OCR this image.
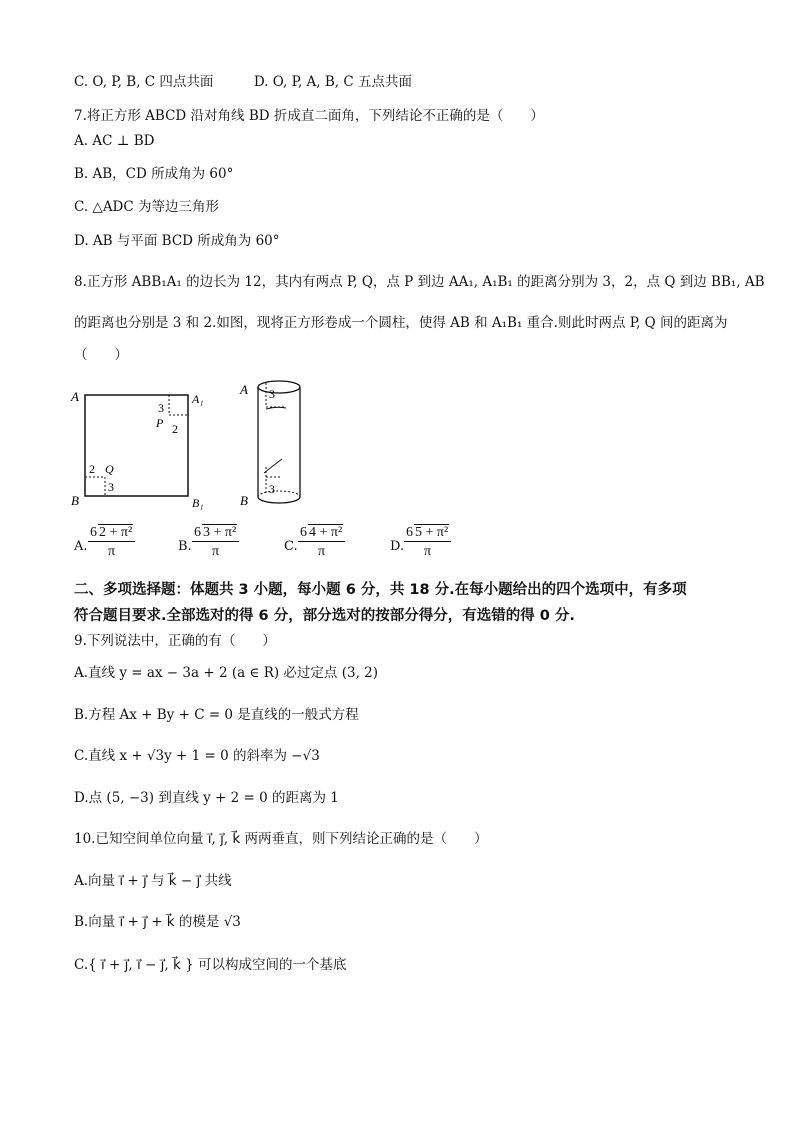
C. O, P, B, C 四点共面　　　D. O, P, A, B, C 五点共面
7.将正方形 ABCD 沿对角线 BD 折成直二面角，下列结论不正确的是（　　）
A. AC ⊥ BD
B. AB，CD 所成角为 60°
C. △ADC 为等边三角形
D. AB 与平面 BCD 所成角为 60°
8.正方形 ABB₁A₁ 的边长为 12，其内有两点 P, Q，点 P 到边 AA₁, A₁B₁ 的距离分别为 3，2，点 Q 到边 BB₁, AB
的距离也分别是 3 和 2.如图，现将正方形卷成一个圆柱，使得 AB 和 A₁B₁ 重合.则此时两点 P, Q 间的距离为
（　　）
A	A₁
B	B₁
3
P 2
2 Q
3
A
B
3
3
A. $\frac{\text{6 2 + π²}}{\pi}$	B. $\frac{\text{6 3 + π²}}{\pi}$	C. $\frac{\text{6 4 + π²}}{\pi}$	D. $\frac{\text{6 5 + π²}}{\pi}$
二、多项选择题：体题共 3 小题，每小题 6 分，共 18 分.在每小题给出的四个选项中，有多项
符合题目要求.全部选对的得 6 分，部分选对的按部分得分，有选错的得 0 分.
9.下列说法中，正确的有（　　）
A.直线 y = ax − 3a + 2 (a ∈ R) 必过定点 (3, 2)
B.方程 Ax + By + C = 0 是直线的一般式方程
C.直线 x + √3y + 1 = 0 的斜率为 −√3
D.点 (5, −3) 到直线 y + 2 = 0 的距离为 1
10.已知空间单位向量 i⃗, j⃗, k⃗ 两两垂直，则下列结论正确的是（　　）
A.向量 i⃗ + j⃗ 与 k⃗ − j⃗ 共线
B.向量 i⃗ + j⃗ + k⃗ 的模是 √3
C.{ i⃗ + j⃗, i⃗ − j⃗, k⃗ } 可以构成空间的一个基底
